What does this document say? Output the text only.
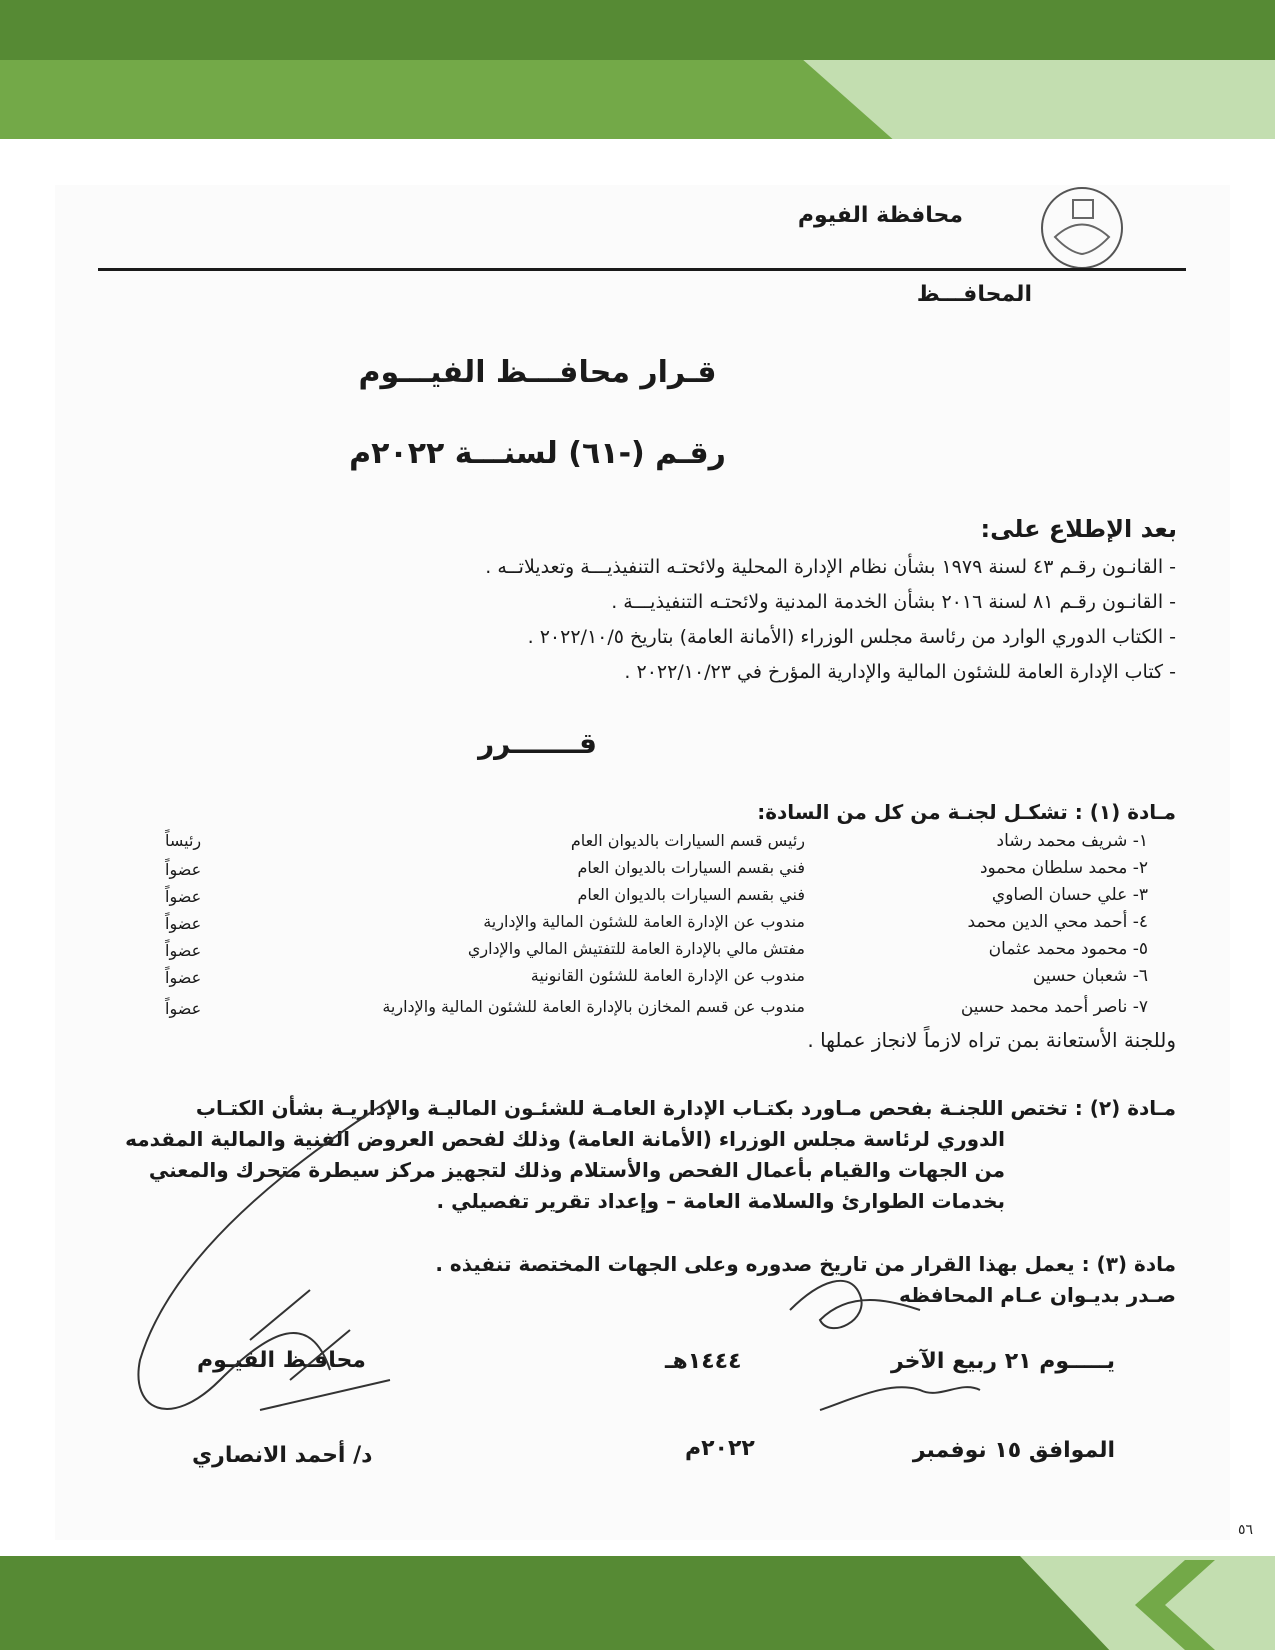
٥٦
محافظة الفيوم
المحافـــظ
قـرار محافـــظ الفيـــوم
رقـم (-٦١) لسنـــة ٢٠٢٢م
بعد الإطلاع على:
- القانـون رقـم ٤٣ لسنة ١٩٧٩ بشأن نظام الإدارة المحلية ولائحتـه التنفيذيـــة وتعديلاتــه .
- القانـون رقـم ٨١ لسنة ٢٠١٦ بشأن الخدمة المدنية ولائحتـه التنفيذيـــة .
- الكتاب الدوري الوارد من رئاسة مجلس الوزراء (الأمانة العامة) بتاريخ ٢٠٢٢/١٠/٥ .
- كتاب الإدارة العامة للشئون المالية والإدارية المؤرخ في ٢٠٢٢/١٠/٢٣ .
قـــــــرر
مـادة (١) : تشكـل لجنـة من كل من السادة:
١- شريف محمد رشاد
رئيس قسم السيارات بالديوان العام
رئيساً
٢- محمد سلطان محمود
فني بقسم السيارات بالديوان العام
عضواً
٣- علي حسان الصاوي
فني بقسم السيارات بالديوان العام
عضواً
٤- أحمد محي الدين محمد
مندوب عن الإدارة العامة للشئون المالية والإدارية
عضواً
٥- محمود محمد عثمان
مفتش مالي بالإدارة العامة للتفتيش المالي والإداري
عضواً
٦- شعبان حسين
مندوب عن الإدارة العامة للشئون القانونية
عضواً
٧- ناصر أحمد محمد حسين
مندوب عن قسم المخازن بالإدارة العامة للشئون المالية والإدارية
عضواً
وللجنة الأستعانة بمن تراه لازماً لانجاز عملها .
مـادة (٢) : تختص اللجنـة بفحص مـاورد بكتـاب الإدارة العامـة للشئـون الماليـة والإداريـة بشأن الكتـاب
الدوري لرئاسة مجلس الوزراء (الأمانة العامة) وذلك لفحص العروض الفنية والمالية المقدمه
من الجهات والقيام بأعمال الفحص والأستلام وذلك لتجهيز مركز سيطرة متحرك والمعني
بخدمات الطوارئ والسلامة العامة – وإعداد تقرير تفصيلي .
مادة (٣) : يعمل بهذا القرار من تاريخ صدوره وعلى الجهات المختصة تنفيذه .
صـدر بديـوان عـام المحافظه
يـــــوم ٢١ ربيع الآخر
١٤٤٤هـ
الموافق ١٥ نوفمبر
٢٠٢٢م
محافـظ الفيـوم
د/ أحمد الانصاري
